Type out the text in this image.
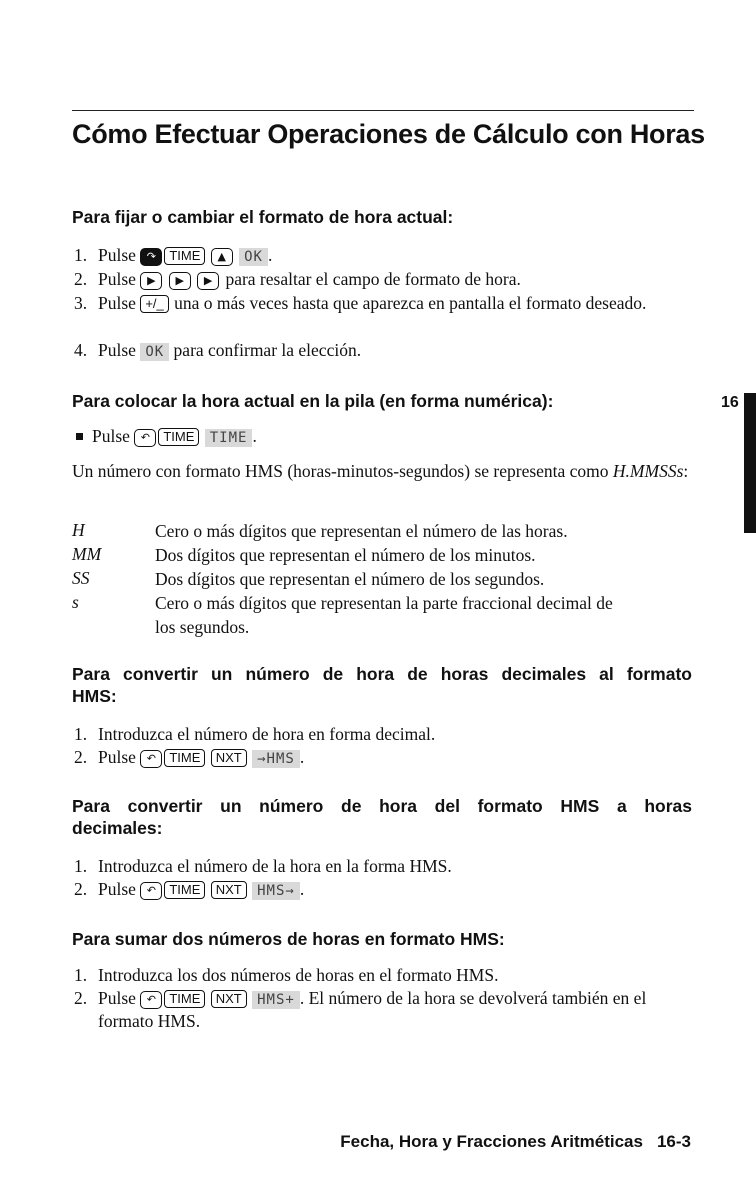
Cómo Efectuar Operaciones de Cálculo con Horas
16
Para fijar o cambiar el formato de hora actual:
1. Pulse ↷ TIME ▲ OK .
2. Pulse ▶ ▶ ▶ para resaltar el campo de formato de hora.
3. Pulse +/_ una o más veces hasta que aparezca en pantalla el formato deseado.
4. Pulse OK para confirmar la elección.
Para colocar la hora actual en la pila (en forma numérica):
Pulse ↶ TIME TIME .
Un número con formato HMS (horas-minutos-segundos) se representa como H.MMSSs:
H	Cero o más dígitos que representan el número de las horas.
MM	Dos dígitos que representan el número de los minutos.
SS	Dos dígitos que representan el número de los segundos.
s	Cero o más dígitos que representan la parte fraccional decimal de los segundos.
Para convertir un número de hora de horas decimales al formato
HMS:
1. Introduzca el número de hora en forma decimal.
2. Pulse ↶ TIME NXT →HMS .
Para convertir un número de hora del formato HMS a horas
decimales:
1. Introduzca el número de la hora en la forma HMS.
2. Pulse ↶ TIME NXT HMS→ .
Para sumar dos números de horas en formato HMS:
1. Introduzca los dos números de horas en el formato HMS.
2. Pulse ↶ TIME NXT HMS+ . El número de la hora se devolverá también en el formato HMS.
Fecha, Hora y Fracciones Aritméticas 16-3
